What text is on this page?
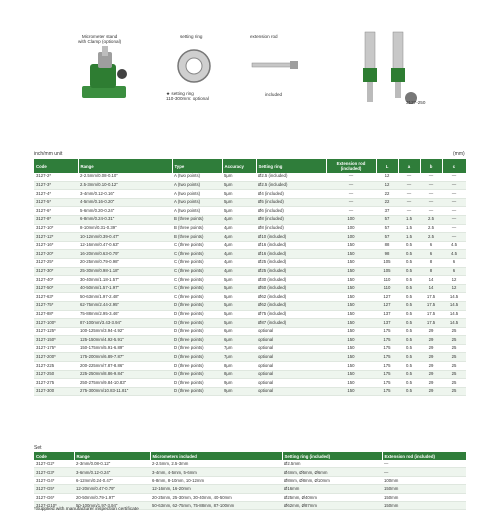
Micrometer stand
with Clamp (optional)
setting ring
★ setting ring
110-300mm: optional
extension rod
included
3127-250
inch/mm unit	(mm)
Code	Range	Type	Accuracy	Setting ring	Extension rod (included)	L	a	b	c
3127-2*	2-2.5mm/0.08-0.10"	A (two points)	5μm	Ø2.5 (included)	—	12	—	—	—
3127-3*	2.5-3mm/0.10-0.12"	A (two points)	5μm	Ø2.5 (included)	—	12	—	—	—
3127-4*	3-4mm/0.12-0.16"	A (two points)	5μm	Ø4 (included)	—	22	—	—	—
3127-5*	4-5mm/0.16-0.20"	A (two points)	5μm	Ø5 (included)	—	22	—	—	—
3127-6*	5-6mm/0.20-0.24"	A (two points)	5μm	Ø6 (included)	—	37	—	—	—
3127-8*	6-8mm/0.24-0.31"	B (three points)	4μm	Ø8 (included)	100	57	1.5	2.5	—
3127-10*	8-10mm/0.31-0.39"	B (three points)	4μm	Ø8 (included)	100	57	1.5	2.5	—
3127-12*	10-12mm/0.39-0.47"	B (three points)	4μm	Ø10 (included)	100	57	1.5	2.5	—
3127-16*	12-16mm/0.47-0.63"	C (three points)	4μm	Ø16 (included)	150	88	0.5	6	4.5
3127-20*	16-20mm/0.63-0.79"	C (three points)	4μm	Ø16 (included)	150	98	0.5	6	4.5
3127-25*	20-25mm/0.79-0.98"	C (three points)	4μm	Ø25 (included)	150	105	0.5	8	6
3127-30*	25-30mm/0.98-1.18"	C (three points)	4μm	Ø25 (included)	150	105	0.5	8	6
3127-40*	30-40mm/1.18-1.57"	C (three points)	5μm	Ø30 (included)	150	110	0.5	14	12
3127-50*	40-50mm/1.57-1.97"	C (three points)	5μm	Ø50 (included)	150	110	0.5	14	12
3127-63*	50-63mm/1.97-2.48"	C (three points)	5μm	Ø62 (included)	150	127	0.5	17.5	14.5
3127-75*	62-75mm/2.44-2.95"	D (three points)	5μm	Ø62 (included)	150	127	0.5	17.5	14.5
3127-88*	75-88mm/2.95-3.46"	D (three points)	5μm	Ø75 (included)	150	137	0.5	17.5	14.5
3127-100*	87-100mm/3.43-3.94"	D (three points)	5μm	Ø87 (included)	150	137	0.5	17.5	14.5
3127-125*	100-125mm/3.94-4.92"	D (three points)	6μm	optional	150	175	0.5	29	25
3127-150*	125-150mm/4.92-5.91"	D (three points)	6μm	optional	150	175	0.5	29	25
3127-175*	150-175mm/5.91-6.89"	D (three points)	7μm	optional	150	175	0.5	29	25
3127-200*	175-200mm/6.89-7.87"	D (three points)	7μm	optional	150	175	0.5	29	25
3127-225	200-225mm/7.87-8.86"	D (three points)	8μm	optional	150	175	0.5	29	25
3127-250	225-250mm/8.86-9.84"	D (three points)	8μm	optional	150	175	0.5	29	25
3127-275	250-275mm/9.84-10.83"	D (three points)	9μm	optional	150	175	0.5	29	25
3127-300	275-300mm/10.83-11.81"	D (three points)	9μm	optional	150	175	0.5	29	25
Set
Code	Range	Micrometers included	Setting ring (included)	Extension rod (included)
3127-G2*	2-3mm/0.08-0.12"	2-2.5mm, 2.5-3mm	Ø2.5mm	—
3127-G3*	3-6mm/0.12-0.24"	3-4mm, 4-5mm, 5-6mm	Ø4mm, Ø5mm, Ø6mm	—
3127-G4*	6-12mm/0.24-0.47"	6-8mm, 8-10mm, 10-12mm	Ø8mm, Ø8mm, Ø10mm	100mm
3127-G5*	12-20mm/0.47-0.79"	12-16mm, 16-20mm	Ø16mm	150mm
3127-G6*	20-50mm/0.79-1.97"	20-25mm, 25-30mm, 30-40mm, 40-50mm	Ø25mm, Ø40mm	150mm
3127-G10*	50-100mm/1.97-3.94"	50-63mm, 62-75mm, 75-88mm, 87-100mm	Ø62mm, Ø87mm	150mm
*Supplied with manufacturer inspection certificate
